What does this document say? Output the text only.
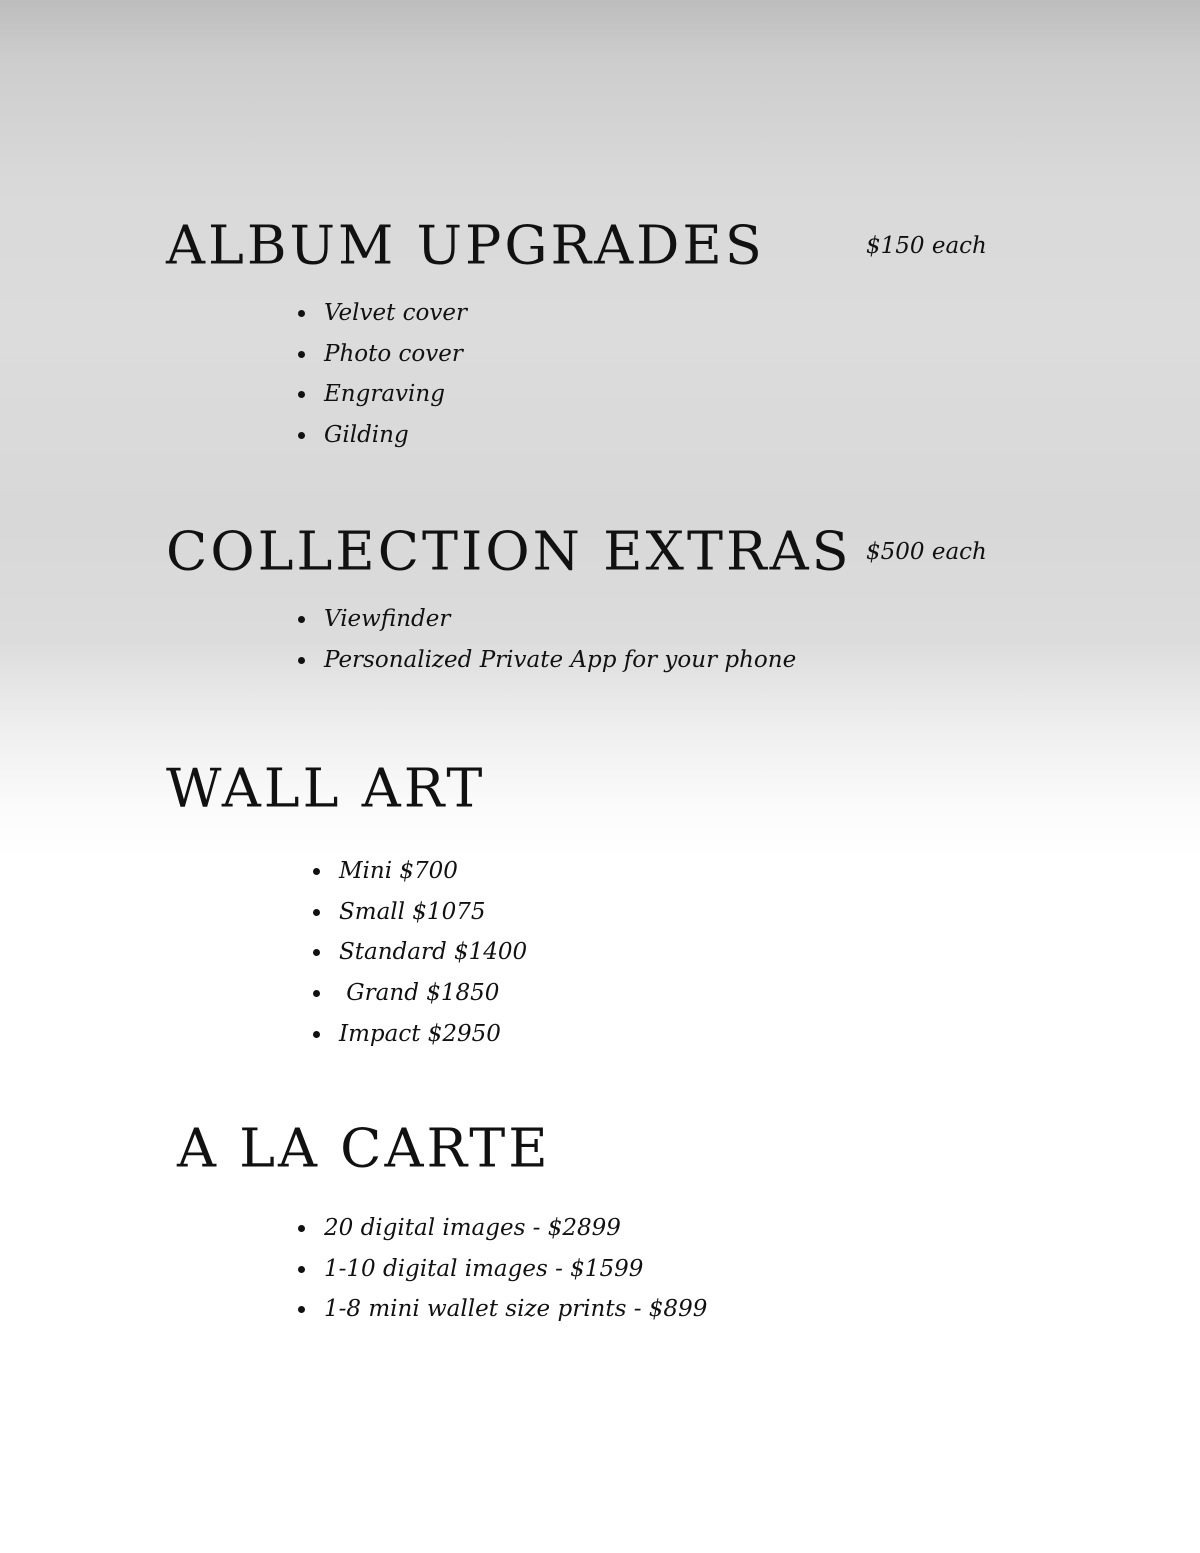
ALBUM UPGRADES	$150 each
Velvet cover
Photo cover
Engraving
Gilding
COLLECTION EXTRAS $500 each
Viewfinder
Personalized Private App for your phone
WALL ART
Mini $700
Small $1075
Standard $1400
Grand $1850
Impact $2950
A LA CARTE
20 digital images - $2899
1-10 digital images - $1599
1-8 mini wallet size prints - $899
